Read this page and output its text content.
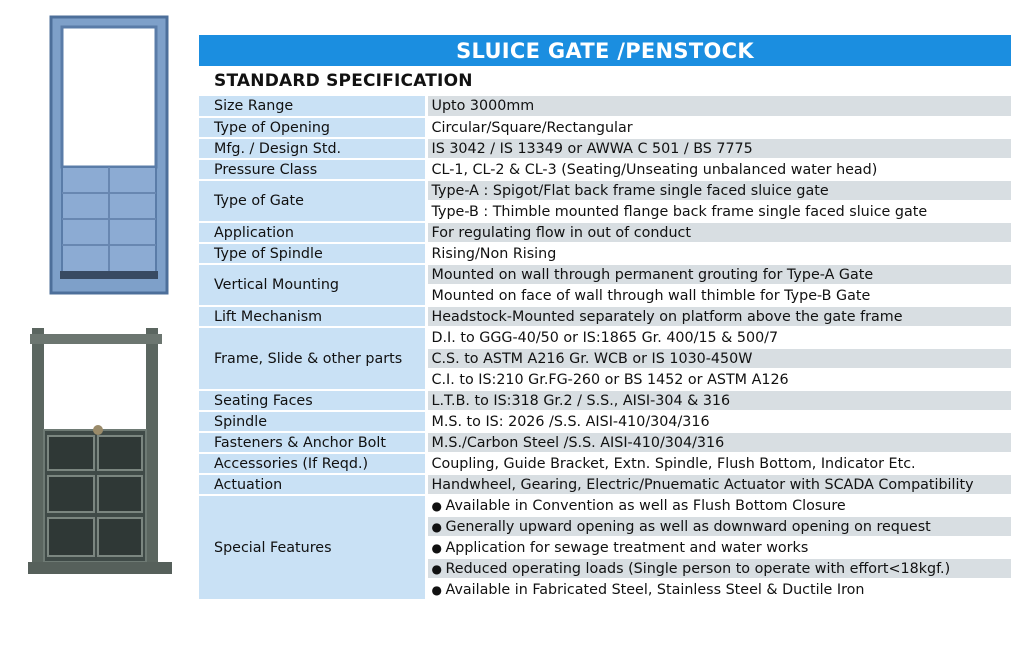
SLUICE GATE /PENSTOCK
STANDARD SPECIFICATION
Size Range	Upto 3000mm
Type of Opening	Circular/Square/Rectangular
Mfg. / Design Std.	IS 3042 / IS 13349 or AWWA C 501 / BS 7775
Pressure Class	CL-1, CL-2 & CL-3 (Seating/Unseating unbalanced water head)
Type of Gate	Type-A : Spigot/Flat back frame single faced sluice gate
	Type-B : Thimble mounted flange back frame single faced sluice gate
Application	For regulating flow in out of conduct
Type of Spindle	Rising/Non Rising
Vertical Mounting	Mounted on wall through permanent grouting for Type-A Gate
	Mounted on face of wall through wall thimble for Type-B Gate
Lift Mechanism	Headstock-Mounted separately on platform above the gate frame
Frame, Slide & other parts	D.I. to GGG-40/50 or IS:1865 Gr. 400/15 & 500/7
	C.S. to ASTM A216 Gr. WCB or IS 1030-450W
	C.I. to IS:210 Gr.FG-260 or BS 1452 or ASTM A126
Seating Faces	L.T.B. to IS:318 Gr.2 / S.S., AISI-304 & 316
Spindle	M.S. to IS: 2026 /S.S. AISI-410/304/316
Fasteners & Anchor Bolt	M.S./Carbon Steel /S.S. AISI-410/304/316
Accessories (If Reqd.)	Coupling, Guide Bracket, Extn. Spindle, Flush Bottom, Indicator Etc.
Actuation	Handwheel, Gearing, Electric/Pnuematic Actuator with SCADA Compatibility
Special Features	● Available in Convention as well as Flush Bottom Closure
	● Generally upward opening as well as downward opening on request
	● Application for sewage treatment and water works
	● Reduced operating loads (Single person to operate with effort<18kgf.)
	● Available in Fabricated Steel, Stainless Steel & Ductile Iron
